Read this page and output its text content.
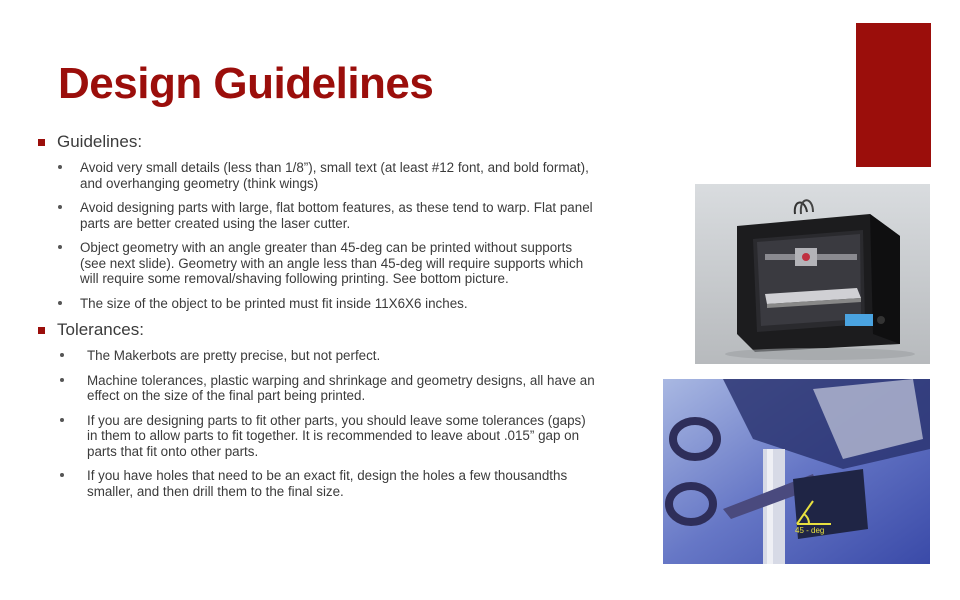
Design Guidelines
Guidelines:
Avoid very small details (less than 1/8”), small text (at least #12 font, and bold format), and overhanging geometry (think wings)
Avoid designing parts with large, flat bottom features, as these tend to warp. Flat panel parts are better created using the laser cutter.
Object geometry with an angle greater than 45-deg can be printed without supports (see next slide). Geometry with an angle less than 45-deg will require supports which will require some removal/shaving following printing. See bottom picture.
The size of the object to be printed must fit inside 11X6X6 inches.
Tolerances:
The Makerbots are pretty precise, but not perfect.
Machine tolerances, plastic warping and shrinkage and geometry designs, all have an effect on the size of the final part being printed.
If you are designing parts to fit other parts, you should leave some tolerances (gaps) in them to allow parts to fit together. It is recommended to leave about .015” gap on parts that fit onto other parts.
If you have holes that need to be an exact fit, design the holes a few thousandths smaller, and then drill them to the final size.
45 - deg
